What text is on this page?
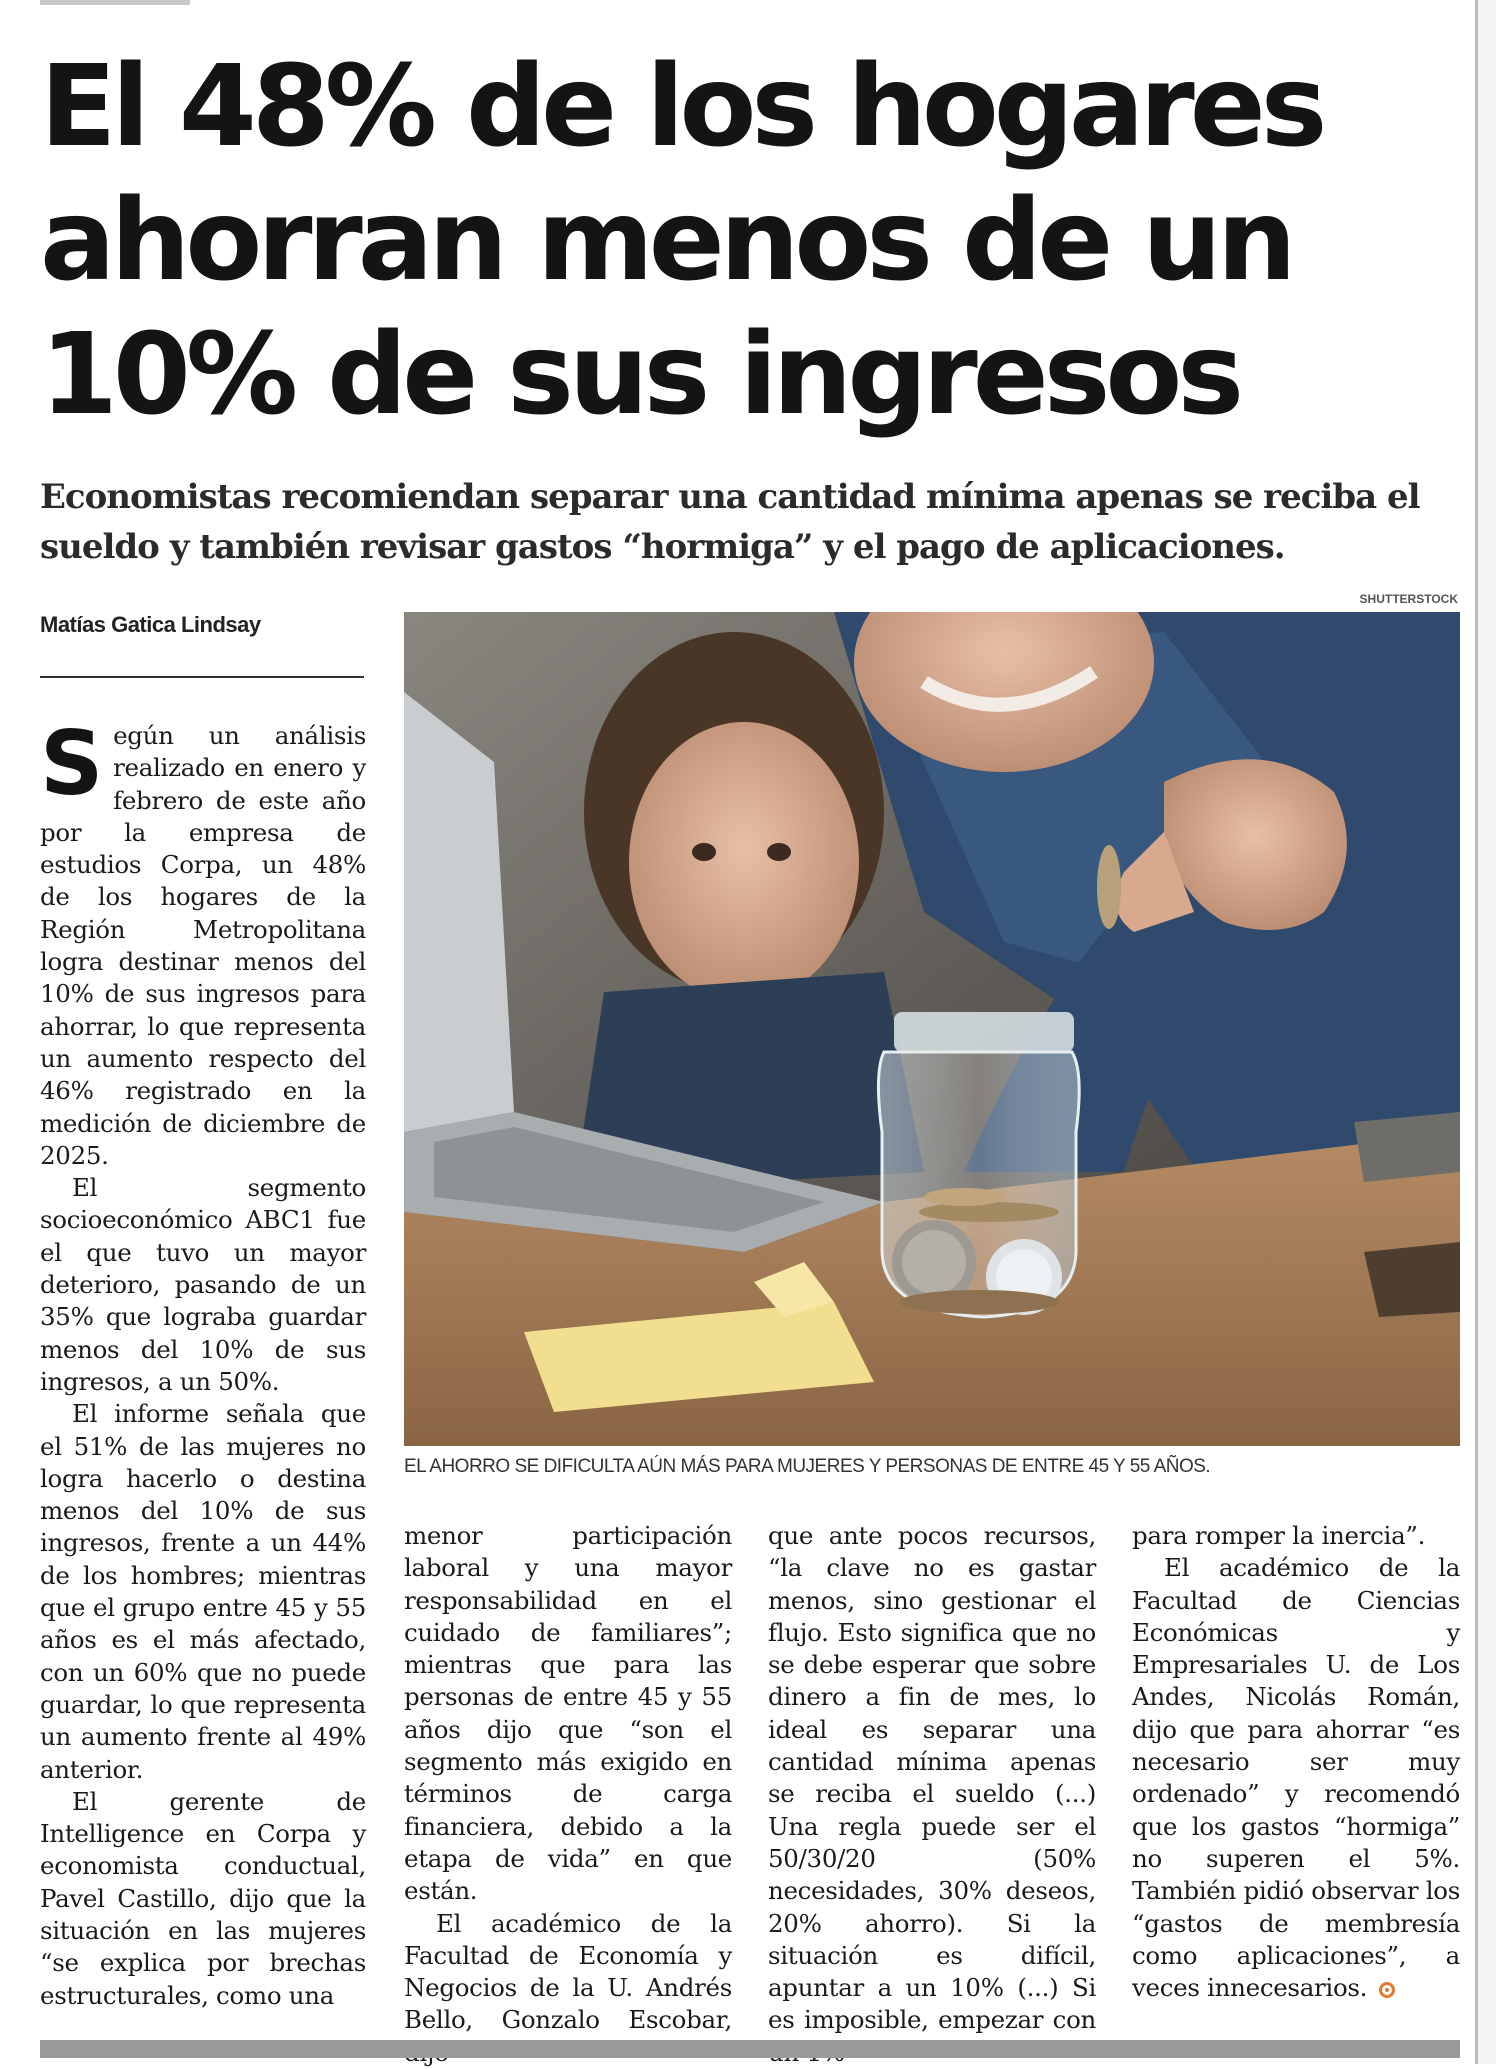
El 48% de los hogares
ahorran menos de un
10% de sus ingresos
Economistas recomiendan separar una cantidad mínima apenas se reciba el
sueldo y también revisar gastos “hormiga” y el pago de aplicaciones.
Matías Gatica Lindsay
SHUTTERSTOCK
EL AHORRO SE DIFICULTA AÚN MÁS PARA MUJERES Y PERSONAS DE ENTRE 45 Y 55 AÑOS.

Según un análisis realizado en enero y febrero de este año por la empresa de estudios Corpa, un 48% de los hogares de la Región Metropolitana logra destinar menos del 10% de sus ingresos para ahorrar, lo que representa un aumento respecto del 46% registrado en la medición de diciembre de 2025.

El segmento socioeconómico ABC1 fue el que tuvo un mayor deterioro, pasando de un 35% que lograba guardar menos del 10% de sus ingresos, a un 50%.

El informe señala que el 51% de las mujeres no logra hacerlo o destina menos del 10% de sus ingresos, frente a un 44% de los hombres; mientras que el grupo entre 45 y 55 años es el más afectado, con un 60% que no puede guardar, lo que representa un aumento frente al 49% anterior.

El gerente de Intelligence en Corpa y economista conductual, Pavel Castillo, dijo que la situación en las mujeres “se explica por brechas estructurales, como una

menor participación laboral y una mayor responsabilidad en el cuidado de familiares”; mientras que para las personas de entre 45 y 55 años dijo que “son el segmento más exigido en términos de carga financiera, debido a la etapa de vida” en que están.

El académico de la Facultad de Economía y Negocios de la U. Andrés Bello, Gonzalo Escobar,

que ante pocos recursos, “la clave no es gastar menos, sino gestionar el flujo. Esto significa que no se debe esperar que sobre dinero a fin de mes, lo ideal es separar una cantidad mínima apenas se reciba el sueldo (...) Una regla puede ser el 50/30/20 (50% necesidades, 30% deseos, 20% ahorro). Si la situación es difícil, apuntar a un 10% (...) Si es imposible, empezar con

para romper la inercia”.

El académico de la Facultad de Ciencias Económicas y Empresariales U. de Los Andes, Nicolás Román, dijo que para ahorrar “es necesario ser muy ordenado” y recomendó que los gastos “hormiga” no superen el 5%. También pidió observar los “gastos de membresía como aplicaciones”, a veces innecesarios.
